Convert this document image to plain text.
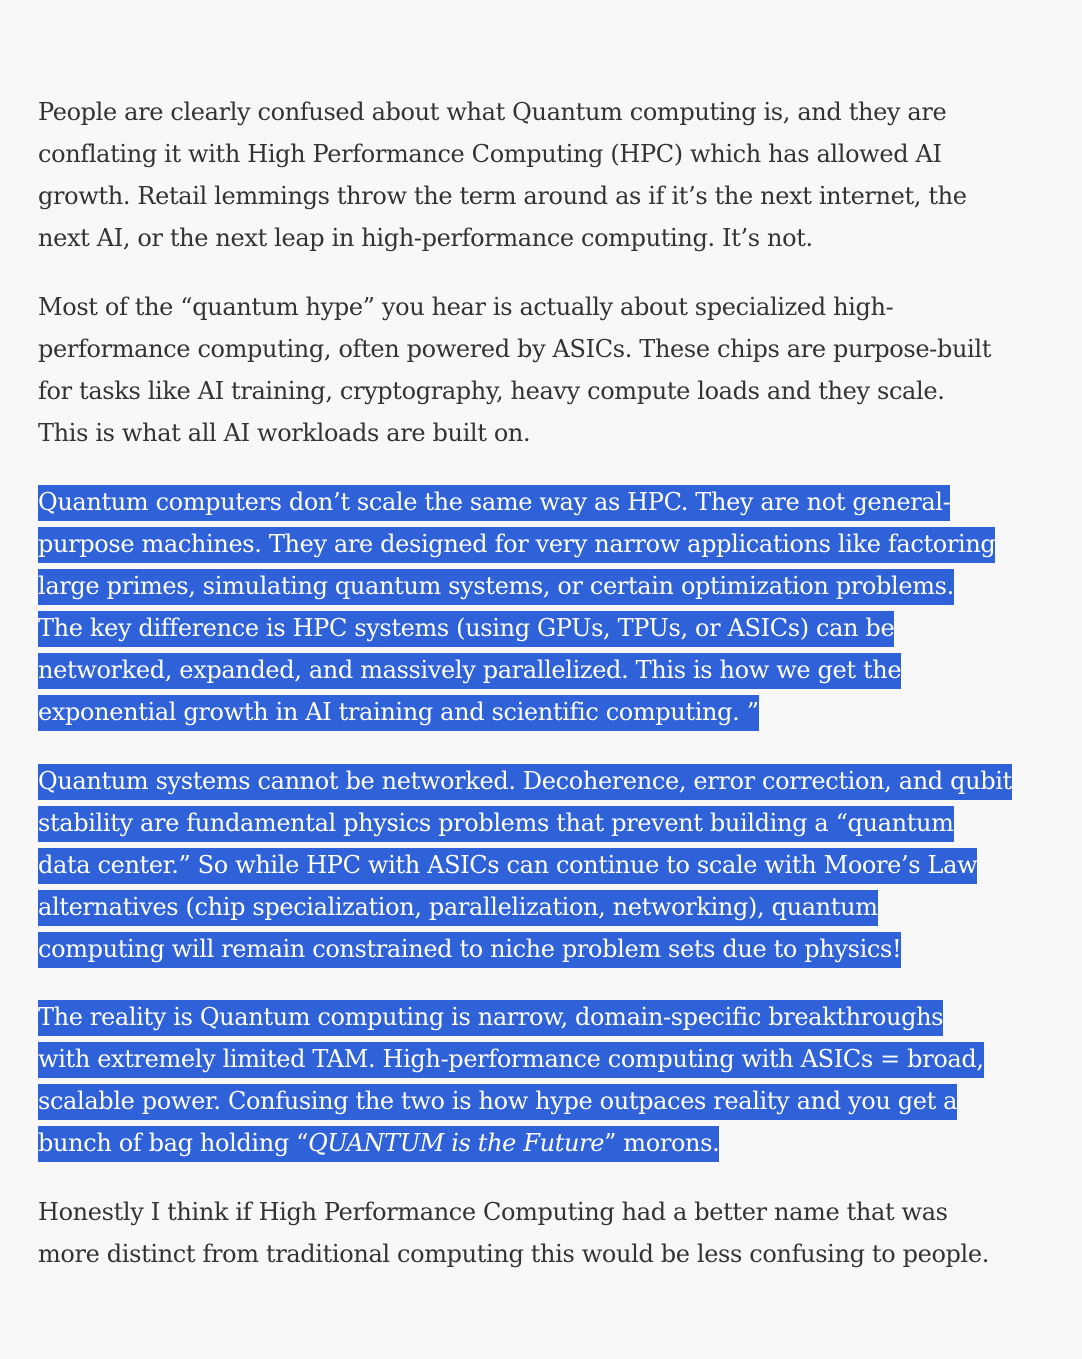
People are clearly confused about what Quantum computing is, and they are
conflating it with High Performance Computing (HPC) which has allowed AI
growth. Retail lemmings throw the term around as if it’s the next internet, the
next AI, or the next leap in high-performance computing. It’s not.

Most of the “quantum hype” you hear is actually about specialized high-
performance computing, often powered by ASICs. These chips are purpose-built
for tasks like AI training, cryptography, heavy compute loads and they scale.
This is what all AI workloads are built on.

Quantum computers don’t scale the same way as HPC. They are not general-
purpose machines. They are designed for very narrow applications like factoring
large primes, simulating quantum systems, or certain optimization problems.
The key difference is HPC systems (using GPUs, TPUs, or ASICs) can be
networked, expanded, and massively parallelized. This is how we get the
exponential growth in AI training and scientific computing. ”

Quantum systems cannot be networked. Decoherence, error correction, and qubit
stability are fundamental physics problems that prevent building a “quantum
data center.” So while HPC with ASICs can continue to scale with Moore’s Law
alternatives (chip specialization, parallelization, networking), quantum
computing will remain constrained to niche problem sets due to physics!

The reality is Quantum computing is narrow, domain-specific breakthroughs
with extremely limited TAM. High-performance computing with ASICs = broad,
scalable power. Confusing the two is how hype outpaces reality and you get a
bunch of bag holding “QUANTUM is the Future” morons.

Honestly I think if High Performance Computing had a better name that was
more distinct from traditional computing this would be less confusing to people.
